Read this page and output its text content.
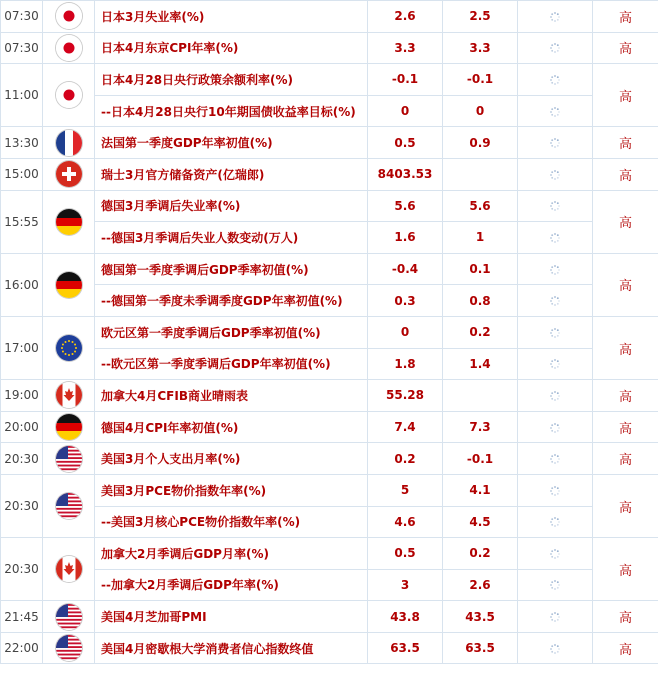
07:30		日本3月失业率(%)	2.6	2.5		高
07:30		日本4月东京CPI年率(%)	3.3	3.3		高
11:00		日本4月28日央行政策余额利率(%)	-0.1	-0.1		高
		--日本4月28日央行10年期国债收益率目标(%)	0	0	
13:30		法国第一季度GDP年率初值(%)	0.5	0.9		高
15:00		瑞士3月官方储备资产(亿瑞郎)	8403.53			高
15:55		德国3月季调后失业率(%)	5.6	5.6		高
		--德国3月季调后失业人数变动(万人)	1.6	1	
16:00		德国第一季度季调后GDP季率初值(%)	-0.4	0.1		高
		--德国第一季度未季调季度GDP年率初值(%)	0.3	0.8	
17:00		欧元区第一季度季调后GDP季率初值(%)	0	0.2		高
		--欧元区第一季度季调后GDP年率初值(%)	1.8	1.4	
19:00		加拿大4月CFIB商业晴雨表	55.28			高
20:00		德国4月CPI年率初值(%)	7.4	7.3		高
20:30		美国3月个人支出月率(%)	0.2	-0.1		高
20:30		美国3月PCE物价指数年率(%)	5	4.1		高
		--美国3月核心PCE物价指数年率(%)	4.6	4.5	
20:30		加拿大2月季调后GDP月率(%)	0.5	0.2		高
		--加拿大2月季调后GDP年率(%)	3	2.6	
21:45		美国4月芝加哥PMI	43.8	43.5		高
22:00		美国4月密歇根大学消费者信心指数终值	63.5	63.5		高
